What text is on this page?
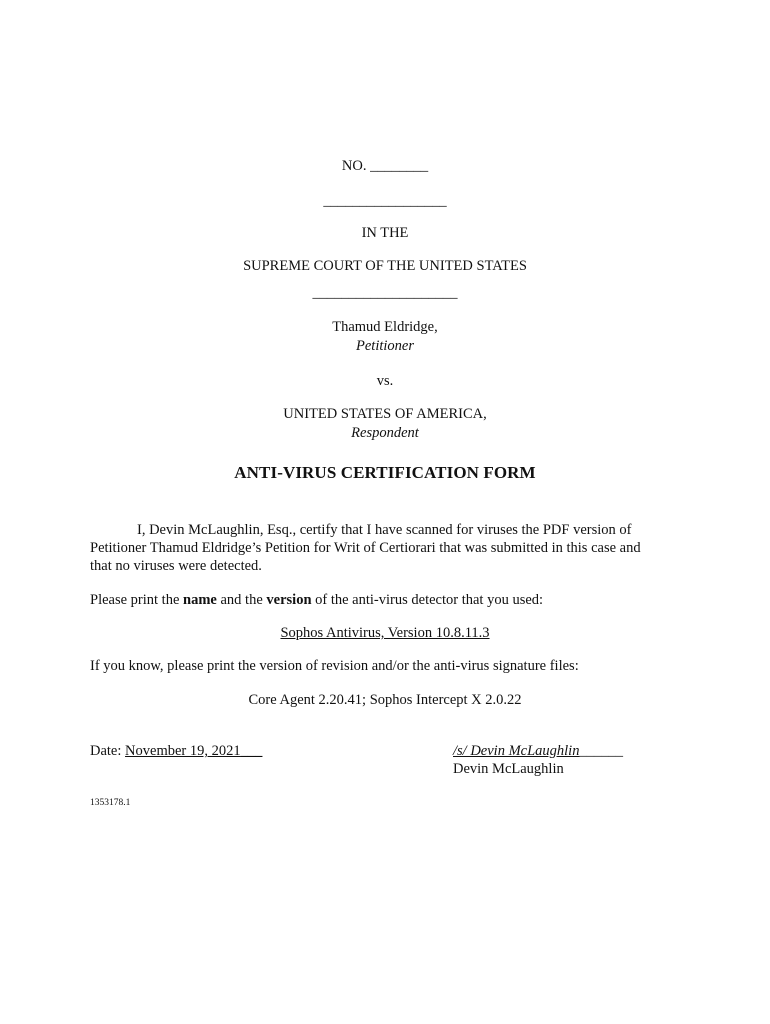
NO. ________
_________________
IN THE
SUPREME COURT OF THE UNITED STATES
____________________
Thamud Eldridge,
Petitioner
vs.
UNITED STATES OF AMERICA,
Respondent
ANTI-VIRUS CERTIFICATION FORM
I, Devin McLaughlin, Esq., certify that I have scanned for viruses the PDF version of
Petitioner Thamud Eldridge’s Petition for Writ of Certiorari that was submitted in this case and
that no viruses were detected.
Please print the name and the version of the anti-virus detector that you used:
Sophos Antivirus, Version 10.8.11.3
If you know, please print the version of revision and/or the anti-virus signature files:
Core Agent 2.20.41; Sophos Intercept X 2.0.22
Date: November 19, 2021___	/s/ Devin McLaughlin______
Devin McLaughlin
1353178.1
